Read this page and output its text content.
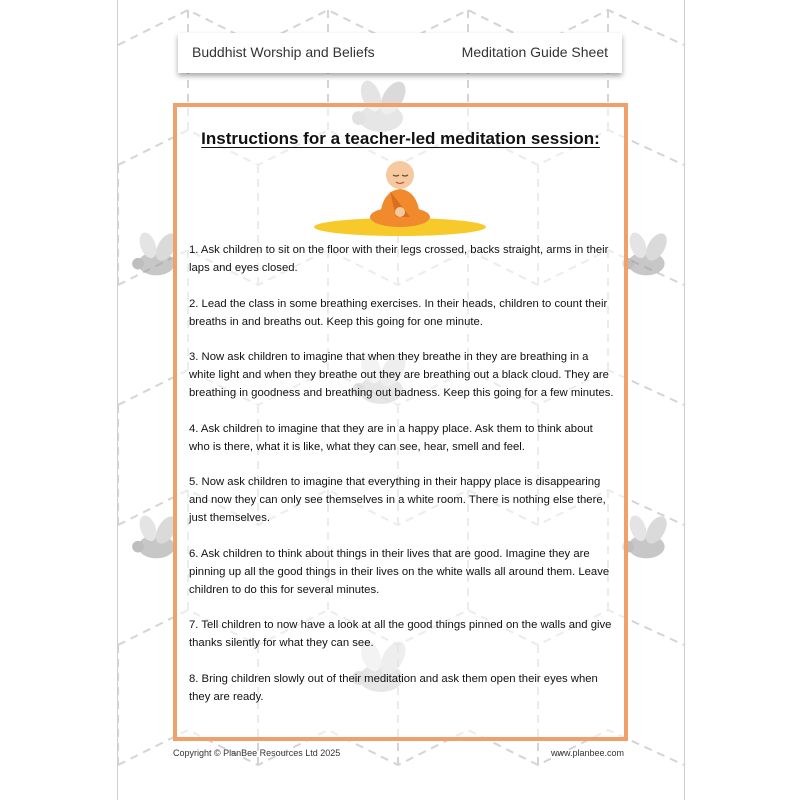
Buddhist Worship and Beliefs	Meditation Guide Sheet
Instructions for a teacher-led meditation session:

1. Ask children to sit on the floor with their legs crossed, backs straight, arms in their laps and eyes closed.

2. Lead the class in some breathing exercises. In their heads, children to count their breaths in and breaths out. Keep this going for one minute.

3. Now ask children to imagine that when they breathe in they are breathing in a white light and when they breathe out they are breathing out a black cloud. They are breathing in goodness and breathing out badness. Keep this going for a few minutes.

4. Ask children to imagine that they are in a happy place. Ask them to think about who is there, what it is like, what they can see, hear, smell and feel.

5. Now ask children to imagine that everything in their happy place is disappearing and now they can only see themselves in a white room. There is nothing else there, just themselves.

6. Ask children to think about things in their lives that are good. Imagine they are pinning up all the good things in their lives on the white walls all around them. Leave children to do this for several minutes.

7. Tell children to now have a look at all the good things pinned on the walls and give thanks silently for what they can see.

8. Bring children slowly out of their meditation and ask them open their eyes when they are ready.

Copyright © PlanBee Resources Ltd 2025	www.planbee.com
